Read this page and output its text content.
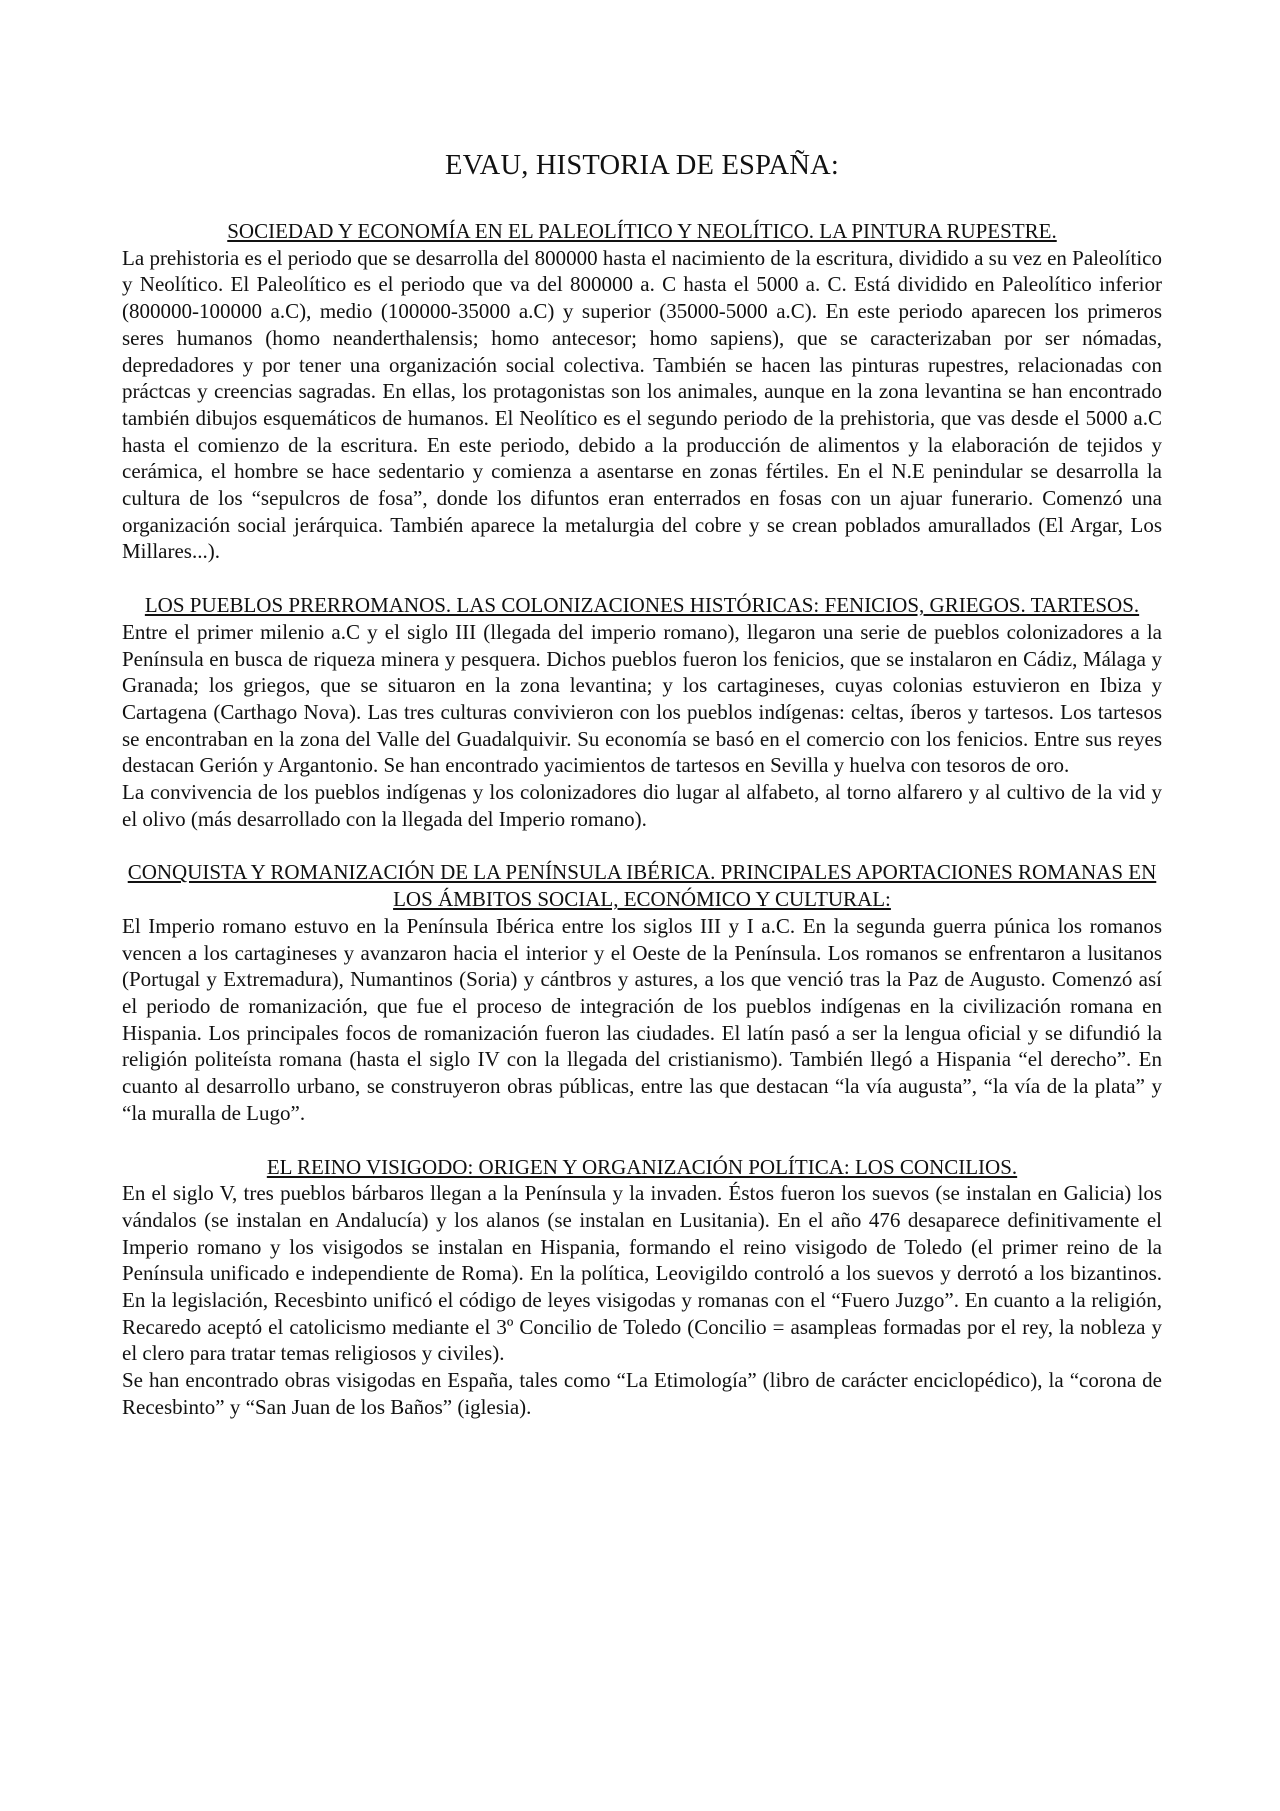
EVAU, HISTORIA DE ESPAÑA:
SOCIEDAD Y ECONOMÍA EN EL PALEOLÍTICO Y NEOLÍTICO. LA PINTURA RUPESTRE.

La prehistoria es el periodo que se desarrolla del 800000 hasta el nacimiento de la escritura, dividido a su vez en Paleolítico y Neolítico. El Paleolítico es el periodo que va del 800000 a. C hasta el 5000 a. C. Está dividido en Paleolítico inferior (800000-100000 a.C), medio (100000-35000 a.C) y superior (35000-5000 a.C). En este periodo aparecen los primeros seres humanos (homo neanderthalensis; homo antecesor; homo sapiens), que se caracterizaban por ser nómadas, depredadores y por tener una organización social colectiva. También se hacen las pinturas rupestres, relacionadas con práctcas y creencias sagradas. En ellas, los protagonistas son los animales, aunque en la zona levantina se han encontrado también dibujos esquemáticos de humanos. El Neolítico es el segundo periodo de la prehistoria, que vas desde el 5000 a.C hasta el comienzo de la escritura. En este periodo, debido a la producción de alimentos y la elaboración de tejidos y cerámica, el hombre se hace sedentario y comienza a asentarse en zonas fértiles. En el N.E penindular se desarrolla la cultura de los “sepulcros de fosa”, donde los difuntos eran enterrados en fosas con un ajuar funerario. Comenzó una organización social jerárquica. También aparece la metalurgia del cobre y se crean poblados amurallados (El Argar, Los Millares...).

LOS PUEBLOS PRERROMANOS. LAS COLONIZACIONES HISTÓRICAS: FENICIOS, GRIEGOS. TARTESOS.

Entre el primer milenio a.C y el siglo III (llegada del imperio romano), llegaron una serie de pueblos colonizadores a la Península en busca de riqueza minera y pesquera. Dichos pueblos fueron los fenicios, que se instalaron en Cádiz, Málaga y Granada; los griegos, que se situaron en la zona levantina; y los cartagineses, cuyas colonias estuvieron en Ibiza y Cartagena (Carthago Nova). Las tres culturas convivieron con los pueblos indígenas: celtas, íberos y tartesos. Los tartesos se encontraban en la zona del Valle del Guadalquivir. Su economía se basó en el comercio con los fenicios. Entre sus reyes destacan Gerión y Argantonio. Se han encontrado yacimientos de tartesos en Sevilla y huelva con tesoros de oro.

La convivencia de los pueblos indígenas y los colonizadores dio lugar al alfabeto, al torno alfarero y al cultivo de la vid y el olivo (más desarrollado con la llegada del Imperio romano).

CONQUISTA Y ROMANIZACIÓN DE LA PENÍNSULA IBÉRICA. PRINCIPALES APORTACIONES ROMANAS EN LOS ÁMBITOS SOCIAL, ECONÓMICO Y CULTURAL:

El Imperio romano estuvo en la Península Ibérica entre los siglos III y I a.C. En la segunda guerra púnica los romanos vencen a los cartagineses y avanzaron hacia el interior y el Oeste de la Península. Los romanos se enfrentaron a lusitanos (Portugal y Extremadura), Numantinos (Soria) y cántbros y astures, a los que venció tras la Paz de Augusto. Comenzó así el periodo de romanización, que fue el proceso de integración de los pueblos indígenas en la civilización romana en Hispania. Los principales focos de romanización fueron las ciudades. El latín pasó a ser la lengua oficial y se difundió la religión politeísta romana (hasta el siglo IV con la llegada del cristianismo). También llegó a Hispania “el derecho”. En cuanto al desarrollo urbano, se construyeron obras públicas, entre las que destacan “la vía augusta”, “la vía de la plata” y “la muralla de Lugo”.

EL REINO VISIGODO: ORIGEN Y ORGANIZACIÓN POLÍTICA: LOS CONCILIOS.

En el siglo V, tres pueblos bárbaros llegan a la Península y la invaden. Éstos fueron los suevos (se instalan en Galicia) los vándalos (se instalan en Andalucía) y los alanos (se instalan en Lusitania). En el año 476 desaparece definitivamente el Imperio romano y los visigodos se instalan en Hispania, formando el reino visigodo de Toledo (el primer reino de la Península unificado e independiente de Roma). En la política, Leovigildo controló a los suevos y derrotó a los bizantinos. En la legislación, Recesbinto unificó el código de leyes visigodas y romanas con el “Fuero Juzgo”. En cuanto a la religión, Recaredo aceptó el catolicismo mediante el 3º Concilio de Toledo (Concilio = asampleas formadas por el rey, la nobleza y el clero para tratar temas religiosos y civiles).

Se han encontrado obras visigodas en España, tales como “La Etimología” (libro de carácter enciclopédico), la “corona de Recesbinto” y “San Juan de los Baños” (iglesia).
